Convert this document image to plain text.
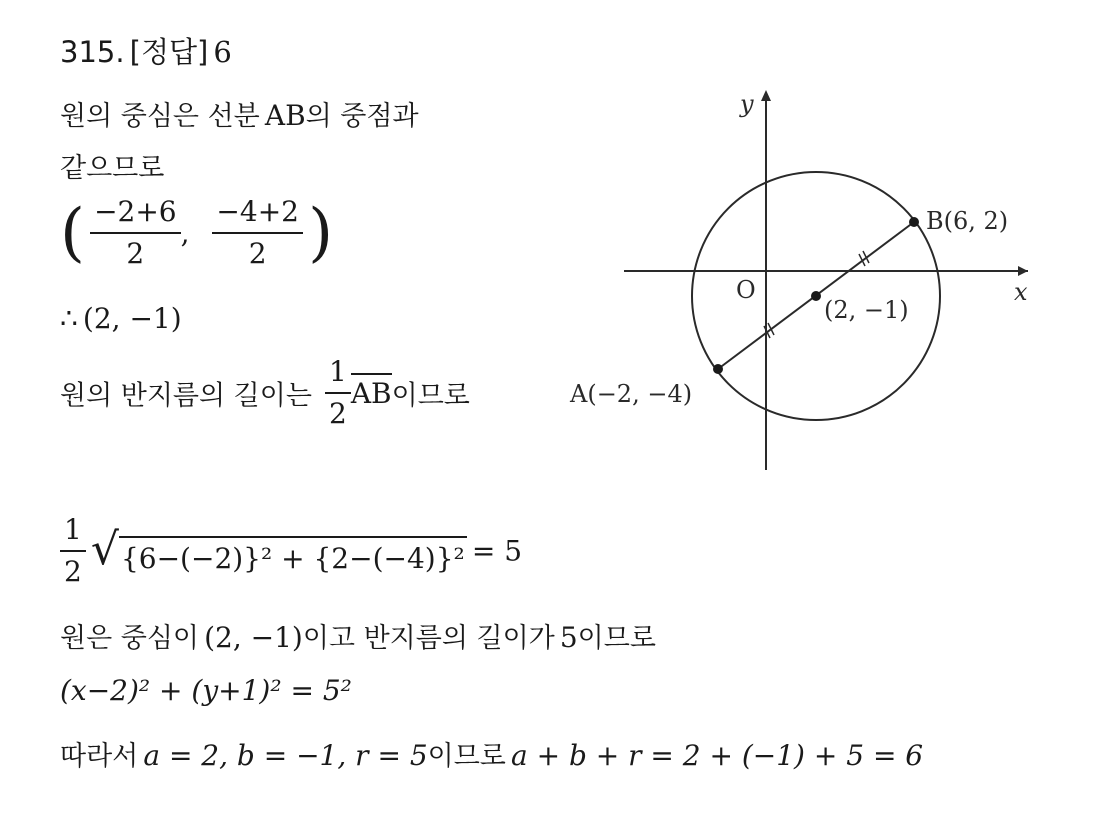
315. [정답] 6
원의 중심은 선분 AB의 중점과
같으므로
( $\frac{-2+6}{2}$ , $\frac{-4+2}{2}$ )
∴ (2, −1)
원의 반지름의 길이는 $\frac{1}{2}$ AB이므로
$\frac{1}{2}$
√ {6−(−2)}² + {2−(−4)}² = 5
원은 중심이 (2, −1)이고 반지름의 길이가 5이므로
(x−2)² + (y+1)² = 5²
따라서 a = 2, b = −1, r = 5이므로 a + b + r = 2 + (−1) + 5 = 6
y
x
O
B(6, 2)
(2, −1)
A(−2, −4)
